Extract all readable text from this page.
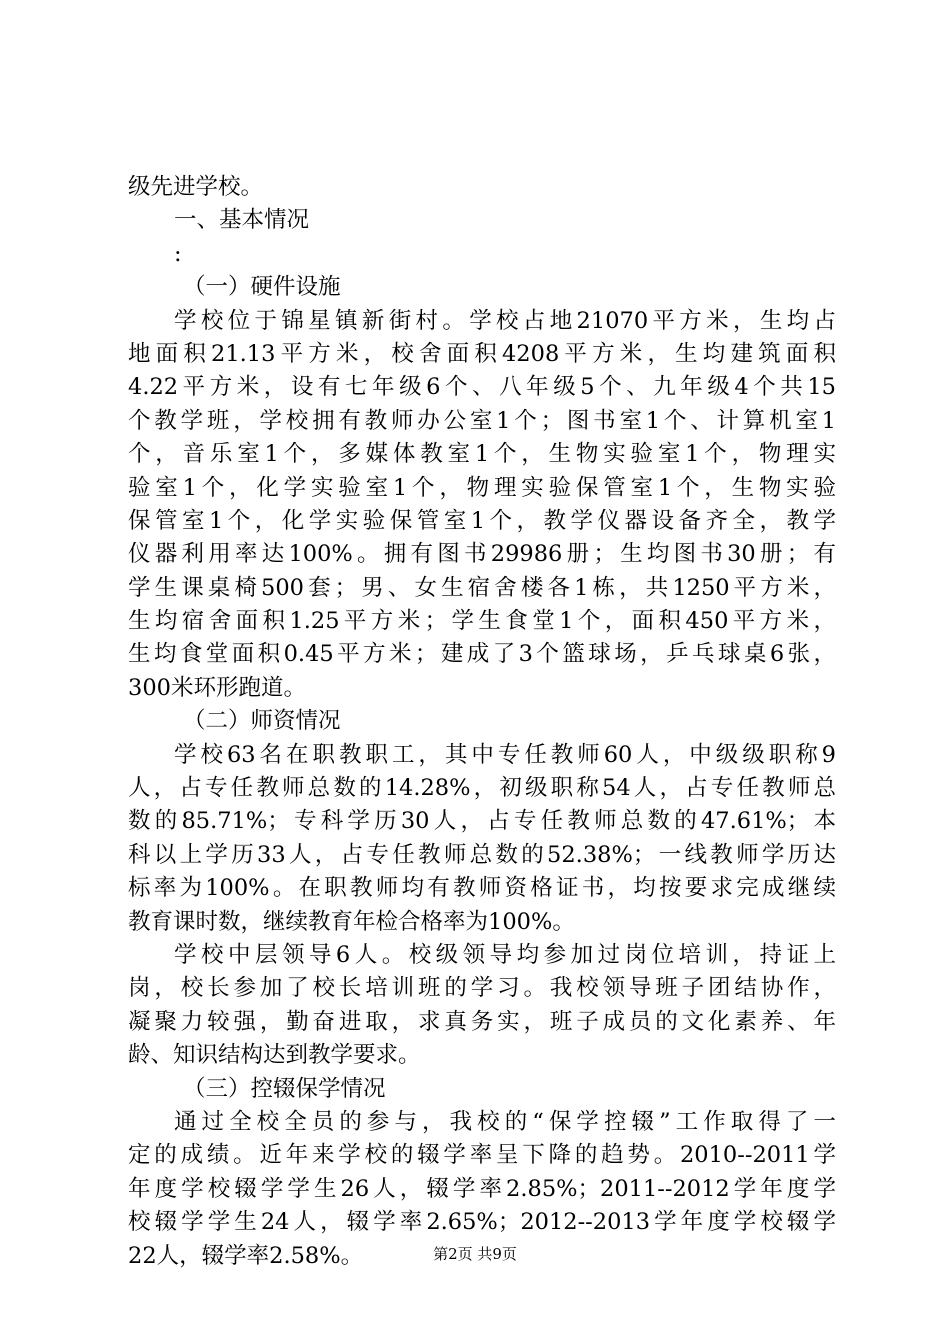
级先进学校。
一、基本情况
:
（一）硬件设施
学校位于锦星镇新街村。学校占地21070平方米，生均占
地面积21.13平方米，校舍面积4208平方米，生均建筑面积
4.22平方米，设有七年级6个、八年级5个、九年级4个共15
个教学班，学校拥有教师办公室1个；图书室1个、计算机室1
个，音乐室1个，多媒体教室1个，生物实验室1个，物理实
验室1个，化学实验室1个，物理实验保管室1个，生物实验
保管室1个，化学实验保管室1个，教学仪器设备齐全，教学
仪器利用率达100%。拥有图书29986册；生均图书30册；有
学生课桌椅500套；男、女生宿舍楼各1栋，共1250平方米，
生均宿舍面积1.25平方米；学生食堂1个，面积450平方米，
生均食堂面积0.45平方米；建成了3个篮球场，乒乓球桌6张，
300米环形跑道。
（二）师资情况
学校63名在职教职工，其中专任教师60人，中级级职称9
人，占专任教师总数的14.28%，初级职称54人，占专任教师总
数的85.71%；专科学历30人，占专任教师总数的47.61%；本
科以上学历33人，占专任教师总数的52.38%；一线教师学历达
标率为100%。在职教师均有教师资格证书，均按要求完成继续
教育课时数，继续教育年检合格率为100%。
学校中层领导6人。校级领导均参加过岗位培训，持证上
岗，校长参加了校长培训班的学习。我校领导班子团结协作，
凝聚力较强，勤奋进取，求真务实，班子成员的文化素养、年
龄、知识结构达到教学要求。
（三）控辍保学情况
通过全校全员的参与，我校的“保学控辍”工作取得了一
定的成绩。近年来学校的辍学率呈下降的趋势。2010--2011学
年度学校辍学学生26人，辍学率2.85%；2011--2012学年度学
校辍学学生24人，辍学率2.65%；2012--2013学年度学校辍学
22人，辍学率2.58%。	第2页 共9页
